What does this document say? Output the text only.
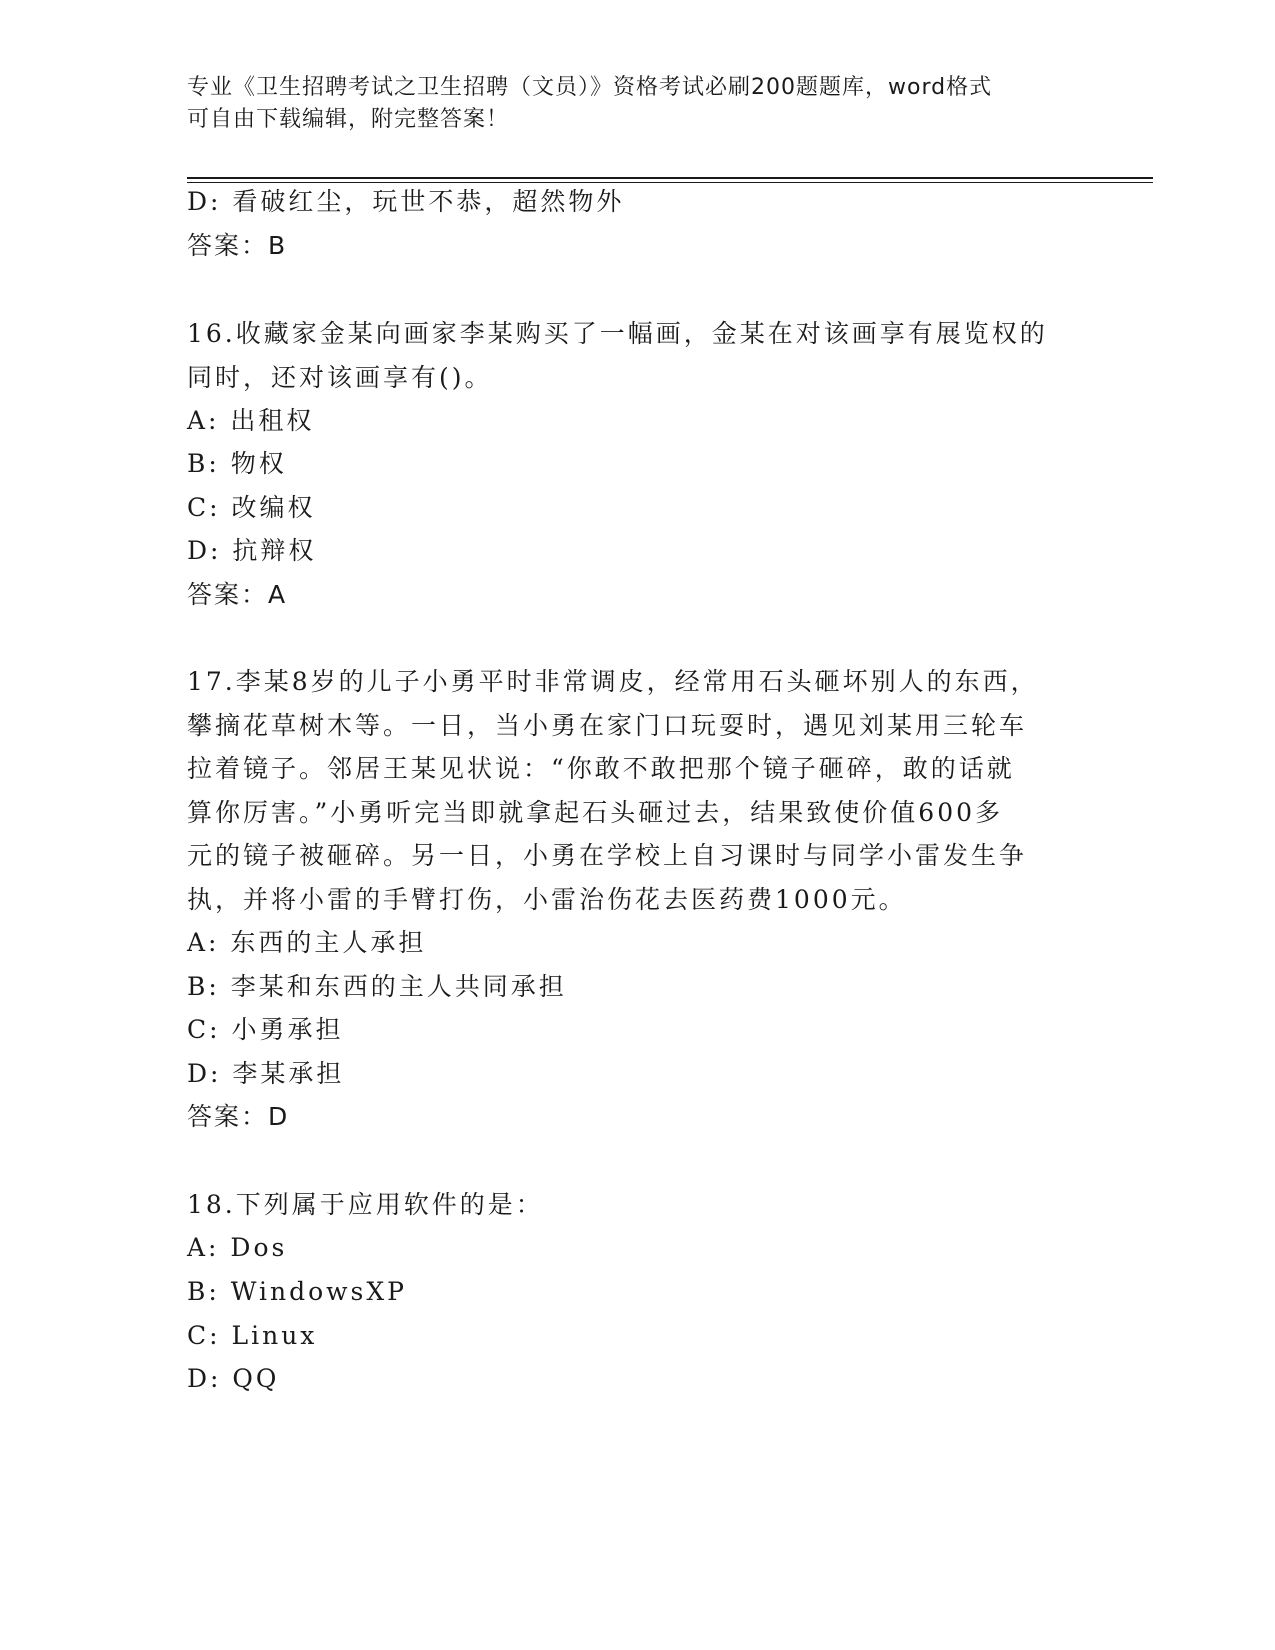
专业《卫生招聘考试之卫生招聘（文员）》资格考试必刷200题题库，word格式
可自由下载编辑，附完整答案！
D: 看破红尘，玩世不恭，超然物外
答案：B
16.收藏家金某向画家李某购买了一幅画，金某在对该画享有展览权的
同时，还对该画享有()。
A: 出租权
B: 物权
C: 改编权
D: 抗辩权
答案：A
17.李某8岁的儿子小勇平时非常调皮，经常用石头砸坏别人的东西，
攀摘花草树木等。一日，当小勇在家门口玩耍时，遇见刘某用三轮车
拉着镜子。邻居王某见状说：“你敢不敢把那个镜子砸碎，敢的话就
算你厉害。”小勇听完当即就拿起石头砸过去，结果致使价值600多
元的镜子被砸碎。另一日，小勇在学校上自习课时与同学小雷发生争
执，并将小雷的手臂打伤，小雷治伤花去医药费1000元。
A: 东西的主人承担
B: 李某和东西的主人共同承担
C: 小勇承担
D: 李某承担
答案：D
18.下列属于应用软件的是：
A: Dos
B: WindowsXP
C: Linux
D: QQ
